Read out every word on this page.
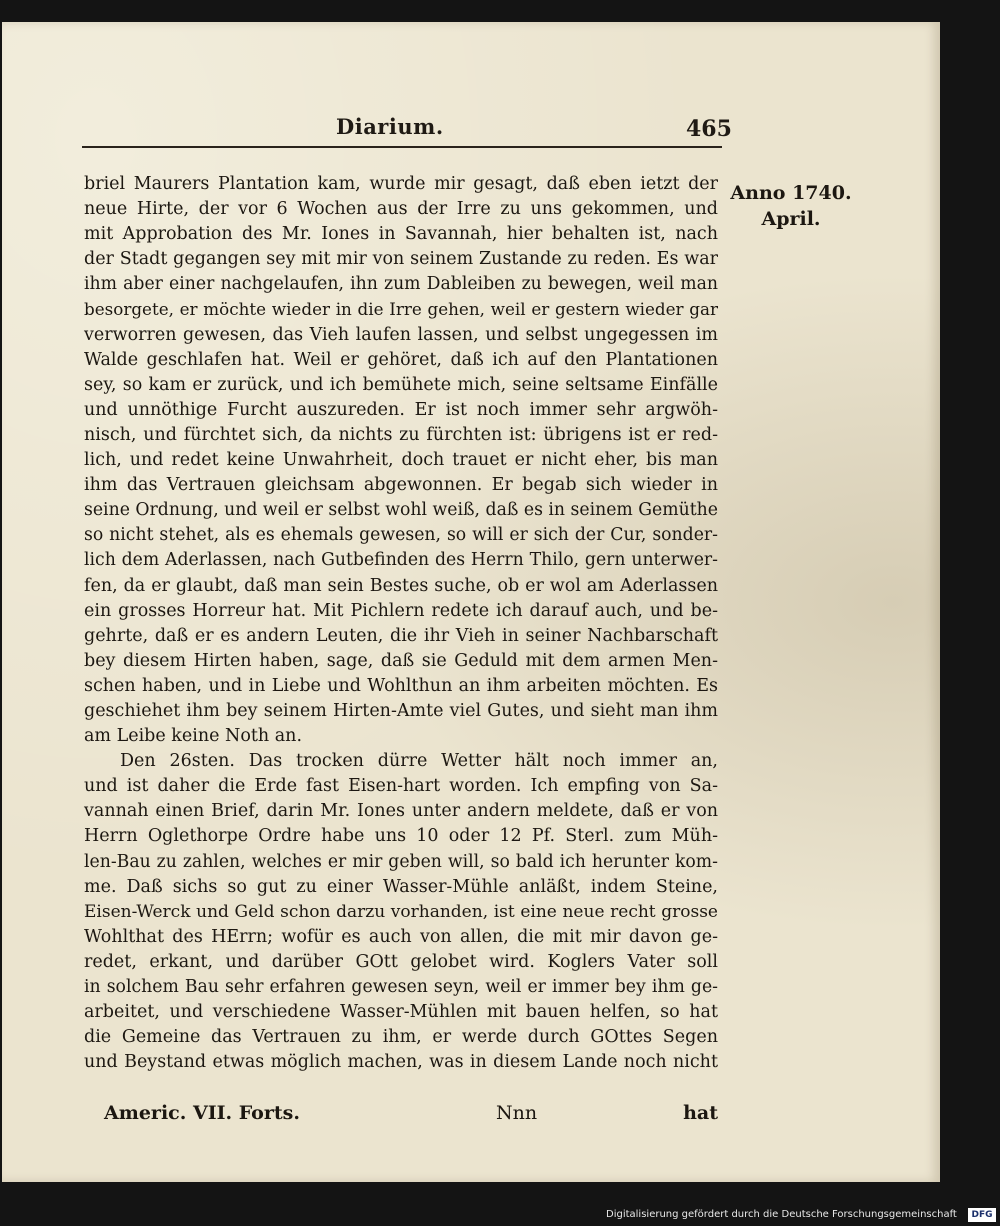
Diarium.	465
Anno 1740.
April.
briel Maurers Plantation kam, wurde mir gesagt, daß eben ietzt der
neue Hirte, der vor 6 Wochen aus der Irre zu uns gekommen, und
mit Approbation des Mr. Iones in Savannah, hier behalten ist, nach
der Stadt gegangen sey mit mir von seinem Zustande zu reden. Es war
ihm aber einer nachgelaufen, ihn zum Dableiben zu bewegen, weil man
besorgete, er möchte wieder in die Irre gehen, weil er gestern wieder gar
verworren gewesen, das Vieh laufen lassen, und selbst ungegessen im
Walde geschlafen hat. Weil er gehöret, daß ich auf den Plantationen
sey, so kam er zurück, und ich bemühete mich, seine seltsame Einfälle
und unnöthige Furcht auszureden. Er ist noch immer sehr argwöh-
nisch, und fürchtet sich, da nichts zu fürchten ist: übrigens ist er red-
lich, und redet keine Unwahrheit, doch trauet er nicht eher, bis man
ihm das Vertrauen gleichsam abgewonnen. Er begab sich wieder in
seine Ordnung, und weil er selbst wohl weiß, daß es in seinem Gemüthe
so nicht stehet, als es ehemals gewesen, so will er sich der Cur, sonder-
lich dem Aderlassen, nach Gutbefinden des Herrn Thilo, gern unterwer-
fen, da er glaubt, daß man sein Bestes suche, ob er wol am Aderlassen
ein grosses Horreur hat. Mit Pichlern redete ich darauf auch, und be-
gehrte, daß er es andern Leuten, die ihr Vieh in seiner Nachbarschaft
bey diesem Hirten haben, sage, daß sie Geduld mit dem armen Men-
schen haben, und in Liebe und Wohlthun an ihm arbeiten möchten. Es
geschiehet ihm bey seinem Hirten-Amte viel Gutes, und sieht man ihm
am Leibe keine Noth an.
Den 26sten. Das trocken dürre Wetter hält noch immer an,
und ist daher die Erde fast Eisen-hart worden. Ich empfing von Sa-
vannah einen Brief, darin Mr. Iones unter andern meldete, daß er von
Herrn Oglethorpe Ordre habe uns 10 oder 12 Pf. Sterl. zum Müh-
len-Bau zu zahlen, welches er mir geben will, so bald ich herunter kom-
me. Daß sichs so gut zu einer Wasser-Mühle anläßt, indem Steine,
Eisen-Werck und Geld schon darzu vorhanden, ist eine neue recht grosse
Wohlthat des HErrn; wofür es auch von allen, die mit mir davon ge-
redet, erkant, und darüber GOtt gelobet wird. Koglers Vater soll
in solchem Bau sehr erfahren gewesen seyn, weil er immer bey ihm ge-
arbeitet, und verschiedene Wasser-Mühlen mit bauen helfen, so hat
die Gemeine das Vertrauen zu ihm, er werde durch GOttes Segen
und Beystand etwas möglich machen, was in diesem Lande noch nicht
Americ. VII. Forts.	Nnn	hat
Digitalisierung gefördert durch die Deutsche Forschungsgemeinschaft	DFG
